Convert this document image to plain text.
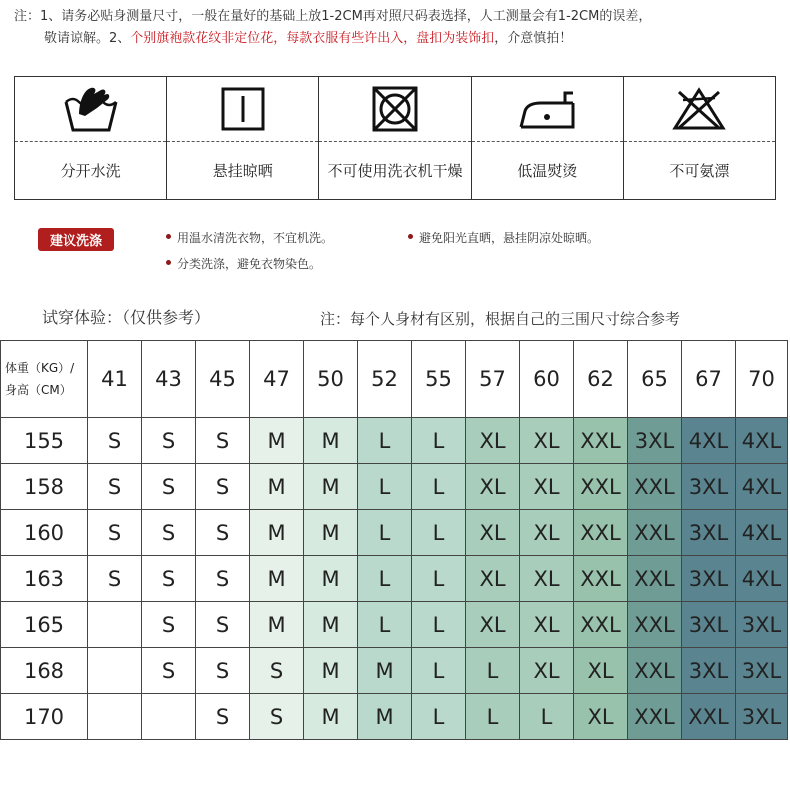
注：1、请务必贴身测量尺寸，一般在量好的基础上放1-2CM再对照尺码表选择，人工测量会有1-2CM的误差，
敬请谅解。2、个别旗袍款花纹非定位花，每款衣服有些许出入，盘扣为装饰扣，介意慎拍！
分开水洗	悬挂晾晒	不可使用洗衣机干燥	低温熨烫	不可氨漂
建议洗涤	用温水清洗衣物，不宜机洗。	避免阳光直晒，悬挂阴凉处晾晒。
分类洗涤，避免衣物染色。
试穿体验：（仅供参考）	注：每个人身材有区别，根据自己的三围尺寸综合参考
体重（KG）/
身高（CM）	41	43	45	47	50	52	55	57	60	62	65	67	70
155	S	S	S	M	M	L	L	XL	XL	XXL	3XL	4XL	4XL
158	S	S	S	M	M	L	L	XL	XL	XXL	XXL	3XL	4XL
160	S	S	S	M	M	L	L	XL	XL	XXL	XXL	3XL	4XL
163	S	S	S	M	M	L	L	XL	XL	XXL	XXL	3XL	4XL
165		S	S	M	M	L	L	XL	XL	XXL	XXL	3XL	3XL
168		S	S	S	M	M	L	L	XL	XL	XXL	3XL	3XL
170			S	S	M	M	L	L	L	XL	XXL	XXL	3XL
